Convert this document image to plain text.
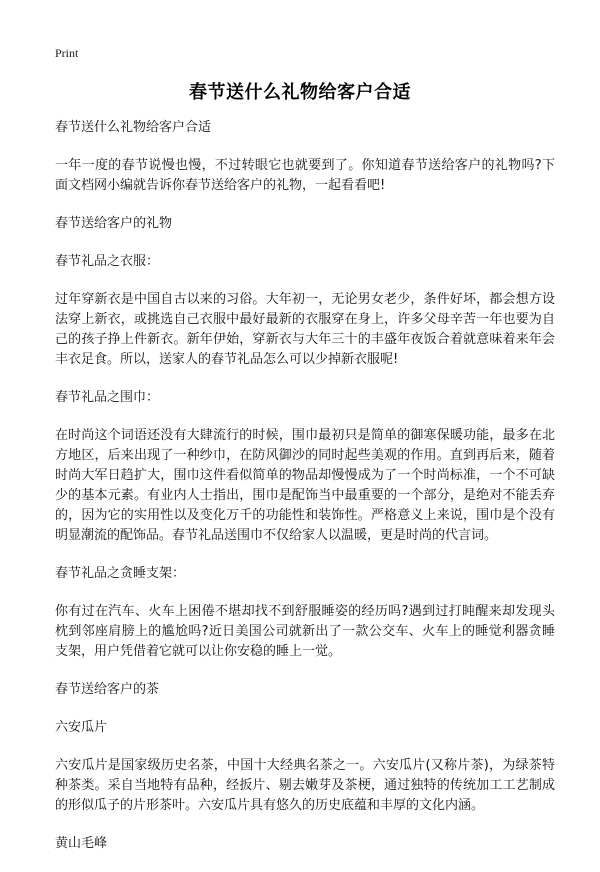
Print
春节送什么礼物给客户合适
春节送什么礼物给客户合适
一年一度的春节说慢也慢，不过转眼它也就要到了。你知道春节送给客户的礼物吗?下面文档网小编就告诉你春节送给客户的礼物，一起看看吧!
春节送给客户的礼物
春节礼品之衣服：
过年穿新衣是中国自古以来的习俗。大年初一，无论男女老少，条件好坏，都会想方设法穿上新衣，或挑选自己衣服中最好最新的衣服穿在身上，许多父母辛苦一年也要为自己的孩子挣上件新衣。新年伊始，穿新衣与大年三十的丰盛年夜饭合着就意味着来年会丰衣足食。所以，送家人的春节礼品怎么可以少掉新衣服呢!
春节礼品之围巾：
在时尚这个词语还没有大肆流行的时候，围巾最初只是简单的御寒保暖功能，最多在北方地区，后来出现了一种纱巾，在防风御沙的同时起些美观的作用。直到再后来，随着时尚大军日趋扩大，围巾这件看似简单的物品却慢慢成为了一个时尚标准，一个不可缺少的基本元素。有业内人士指出，围巾是配饰当中最重要的一个部分，是绝对不能丢弃的，因为它的实用性以及变化万千的功能性和装饰性。严格意义上来说，围巾是个没有明显潮流的配饰品。春节礼品送围巾不仅给家人以温暖，更是时尚的代言词。
春节礼品之贪睡支架：
你有过在汽车、火车上困倦不堪却找不到舒服睡姿的经历吗?遇到过打盹醒来却发现头枕到邻座肩膀上的尴尬吗?近日美国公司就新出了一款公交车、火车上的睡觉利器贪睡支架，用户凭借着它就可以让你安稳的睡上一觉。
春节送给客户的茶
六安瓜片
六安瓜片是国家级历史名茶，中国十大经典名茶之一。六安瓜片(又称片茶)，为绿茶特种茶类。采自当地特有品种，经扳片、剔去嫩芽及茶梗，通过独特的传统加工工艺制成的形似瓜子的片形茶叶。六安瓜片具有悠久的历史底蕴和丰厚的文化内涵。
黄山毛峰
